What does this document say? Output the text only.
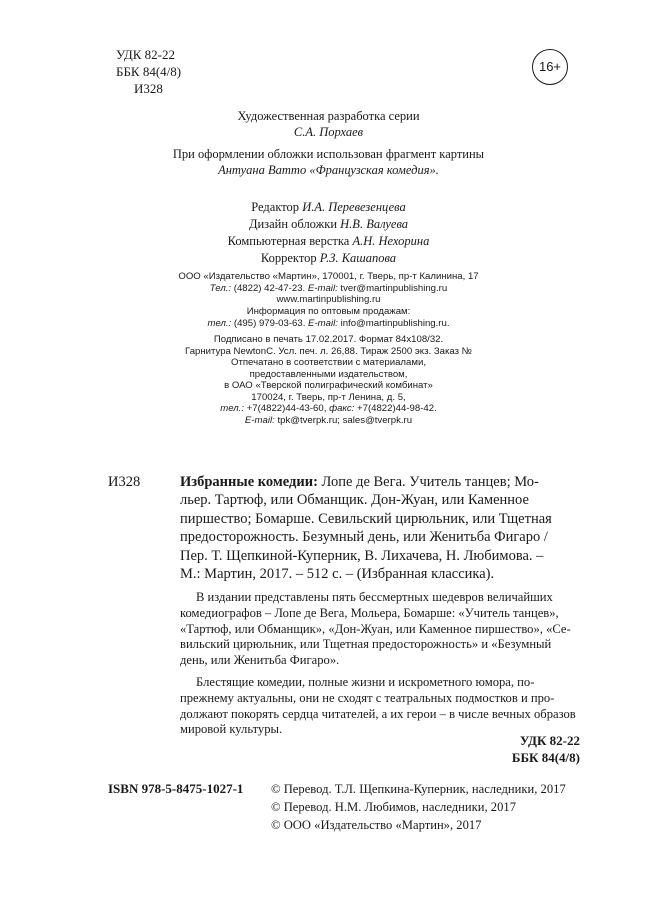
УДК 82-22
ББК 84(4/8)
И328
16+
Художественная разработка серии
С.А. Порхаев
При оформлении обложки использован фрагмент картины
Антуана Ватто «Французская комедия».
Редактор И.А. Перевезенцева
Дизайн обложки Н.В. Валуева
Компьютерная верстка А.Н. Нехорина
Корректор Р.З. Кашапова
ООО «Издательство «Мартин», 170001, г. Тверь, пр-т Калинина, 17
Тел.: (4822) 42-47-23. E-mail: tver@martinpublishing.ru
www.martinpublishing.ru
Информация по оптовым продажам:
тел.: (495) 979-03-63. E-mail: info@martinpublishing.ru.
Подписано в печать 17.02.2017. Формат 84x108/32.
Гарнитура NewtonC. Усл. печ. л. 26,88. Тираж 2500 экз. Заказ №
Отпечатано в соответствии с материалами,
предоставленными издательством,
в ОАО «Тверской полиграфический комбинат»
170024, г. Тверь, пр-т Ленина, д. 5,
тел.: +7(4822)44-43-60, факс: +7(4822)44-98-42.
E-mail: tpk@tverpk.ru; sales@tverpk.ru
И328	Избранные комедии: Лопе де Вега. Учитель танцев; Мо-
льер. Тартюф, или Обманщик. Дон-Жуан, или Каменное
пиршество; Бомарше. Севильский цирюльник, или Тщетная
предосторожность. Безумный день, или Женитьба Фигаро /
Пер. Т. Щепкиной-Куперник, В. Лихачева, Н. Любимова. –
М.: Мартин, 2017. – 512 с. – (Избранная классика).

В издании представлены пять бессмертных шедевров величайших
комедиографов – Лопе де Вега, Мольера, Бомарше: «Учитель танцев»,
«Тартюф, или Обманщик», «Дон-Жуан, или Каменное пиршество», «Се-
вильский цирюльник, или Тщетная предосторожность» и «Безумный
день, или Женитьба Фигаро».

Блестящие комедии, полные жизни и искрометного юмора, по-
прежнему актуальны, они не сходят с театральных подмостков и про-
должают покорять сердца читателей, а их герои – в числе вечных образов
мировой культуры.

УДК 82-22
ББК 84(4/8)
ISBN 978-5-8475-1027-1 © Перевод. Т.Л. Щепкина-Куперник, наследники, 2017
© Перевод. Н.М. Любимов, наследники, 2017
© ООО «Издательство «Мартин», 2017
